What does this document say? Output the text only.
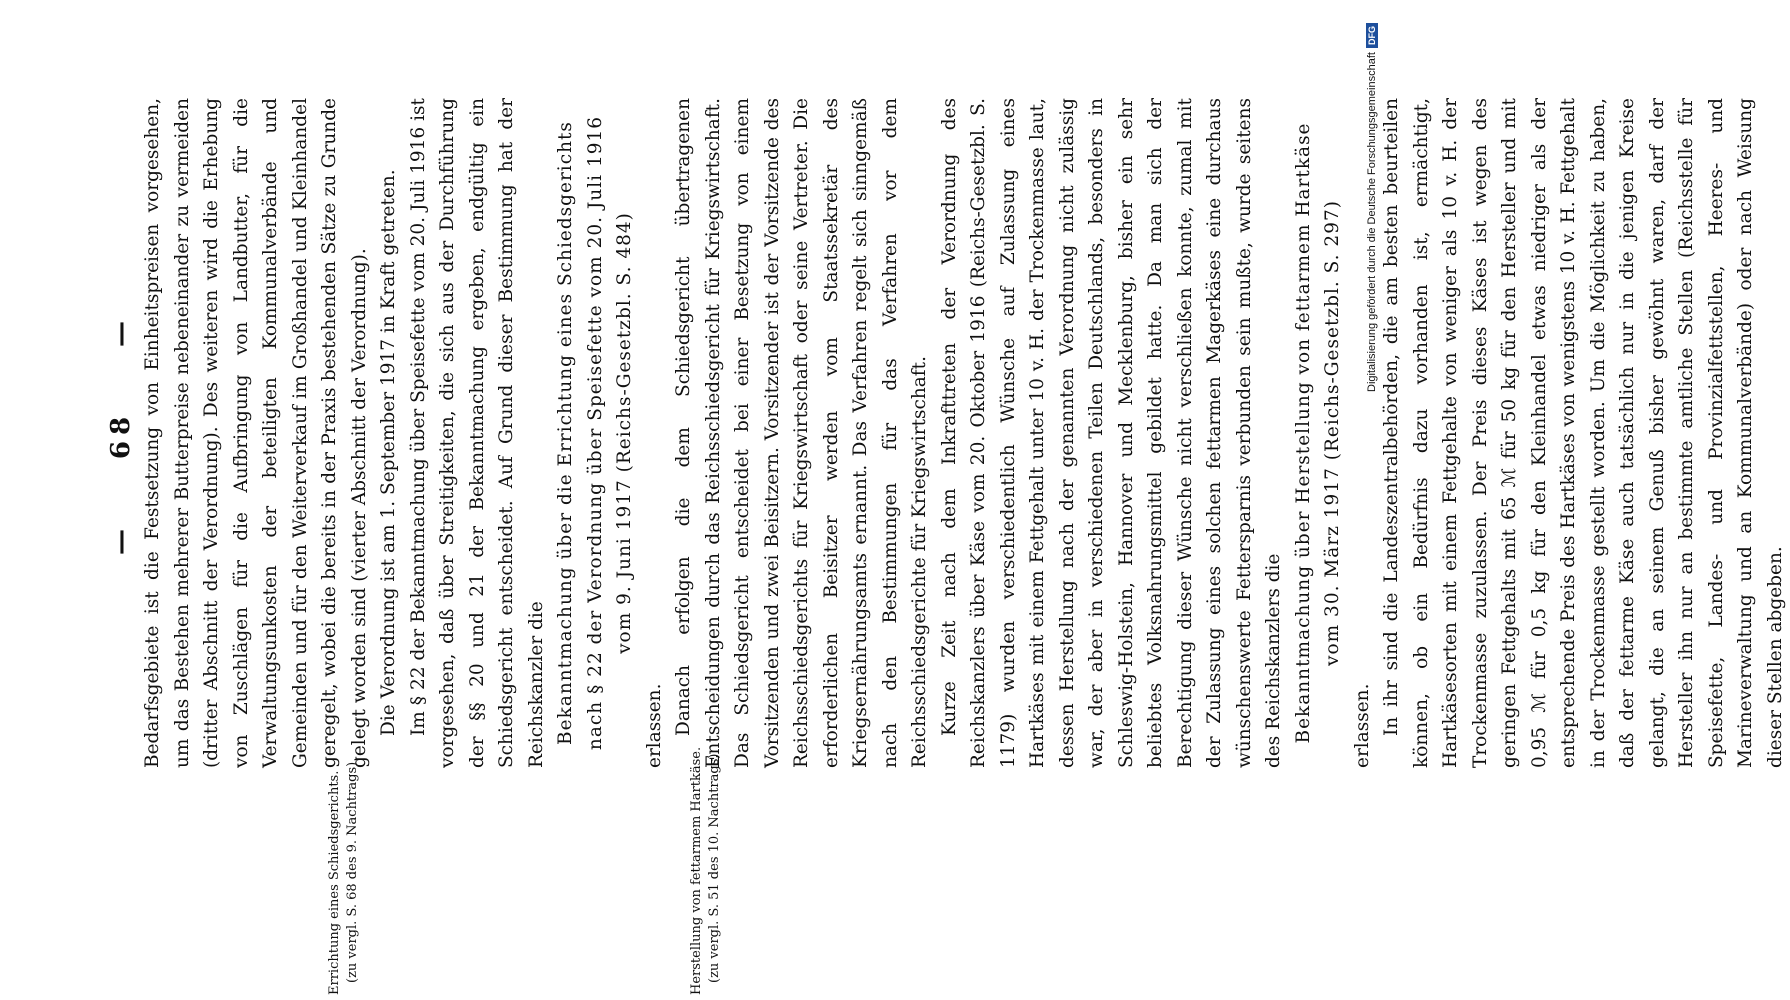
—
68
— Bedarfsgebiete ist die Festsetzung von Einheitspreisen vorgesehen, um das Bestehen mehrerer Butterpreise nebeneinander zu vermeiden (dritter Abschnitt der Verordnung). Des weiteren wird die Erhebung von Zuschlägen für die Aufbringung von Landbutter, für die Verwaltungsunkosten der beteiligten Kommunalverbände und Gemeinden und für den Weiterverkauf im Großhandel und Kleinhandel geregelt, wobei die bereits in der Praxis bestehenden Sätze zu Grunde gelegt worden sind (vierter Abschnitt der Verordnung). Die Verordnung ist am 1. September 1917 in Kraft getreten. Im § 22 der Bekanntmachung über Speisefette vom 20. Juli 1916 ist vorgesehen, daß über Streitigkeiten, die sich aus der Durchführung der §§ 20 und 21 der Bekanntmachung ergeben, endgültig ein Schiedsgericht entscheidet. Auf Grund dieser Bestimmung hat der Reichskanzler die Bekanntmachung über die Errichtung eines Schiedsgerichts nach § 22 der Verordnung über Speisefette vom 20. Juli 1916 vom 9. Juni 1917 (Reichs-Gesetzbl. S. 484)

erlassen. Danach erfolgen die dem Schiedsgericht übertragenen Entscheidungen durch das Reichsschiedsgericht für Kriegswirtschaft. Das Schiedsgericht entscheidet bei einer Besetzung von einem Vorsitzenden und zwei Beisitzern. Vorsitzender ist der Vorsitzende des Reichsschiedsgerichts für Kriegswirtschaft oder seine Vertreter. Die erforderlichen Beisitzer werden vom Staatssekretär des Kriegsernährungsamts ernannt. Das Verfahren regelt sich sinngemäß nach den Bestimmungen für das Verfahren vor dem Reichsschiedsgerichte für Kriegswirtschaft. Kurze Zeit nach dem Inkrafttreten der Verordnung des Reichskanzlers über Käse vom 20. Oktober 1916 (Reichs-Gesetzbl. S. 1179) wurden verschiedentlich Wünsche auf Zulassung eines Hartkäses mit einem Fettgehalt unter 10 v. H. der Trockenmasse laut, dessen Herstellung nach der genannten Verordnung nicht zulässig war, der aber in verschiedenen Teilen Deutschlands, besonders in Schleswig-Holstein, Hannover und Mecklenburg, bisher ein sehr beliebtes Volksnahrungsmittel gebildet hatte. Da man sich der Berechtigung dieser Wünsche nicht verschließen konnte, zumal mit der Zulassung eines solchen fettarmen Magerkäses eine durchaus wünschenswerte Fettersparnis verbunden sein mußte, wurde seitens des Reichskanzlers die Bekanntmachung über Herstellung von fettarmem Hartkäse vom 30. März 1917 (Reichs-Gesetzbl. S. 297)

erlassen. In ihr sind die Landeszentralbehörden, die am besten beurteilen können, ob ein Bedürfnis dazu vorhanden ist, ermächtigt, Hartkäsesorten mit einem Fettgehalte von weniger als 10 v. H. der Trockenmasse zuzulassen. Der Preis dieses Käses ist wegen des geringen Fettgehalts mit 65 ℳ für 50 kg für den Hersteller und mit 0,95 ℳ für 0,5 kg für den Kleinhandel etwas niedriger als der entsprechende Preis des Hartkäses von wenigstens 10 v. H. Fettgehalt in der Trockenmasse gestellt worden. Um die Möglichkeit zu haben, daß der fettarme Käse auch tatsächlich nur in die jenigen Kreise gelangt, die an seinem Genuß bisher gewöhnt waren, darf der Hersteller ihn nur an bestimmte amtliche Stellen (Reichsstelle für Speisefette, Landes- und Provinzialfettstellen, Heeres- und Marineverwaltung und an Kommunalverbände) oder nach Weisung dieser Stellen abgeben.

Errichtung eines Schiedsgerichts. (zu vergl. S. 68 des 9. Nachtrags).	Herstellung von fettarmem Hartkäse. (zu vergl. S. 51 des 10. Nachtrags).
Digitalisierung gefördert durch die Deutsche Forschungsgemeinschaft
DFG
